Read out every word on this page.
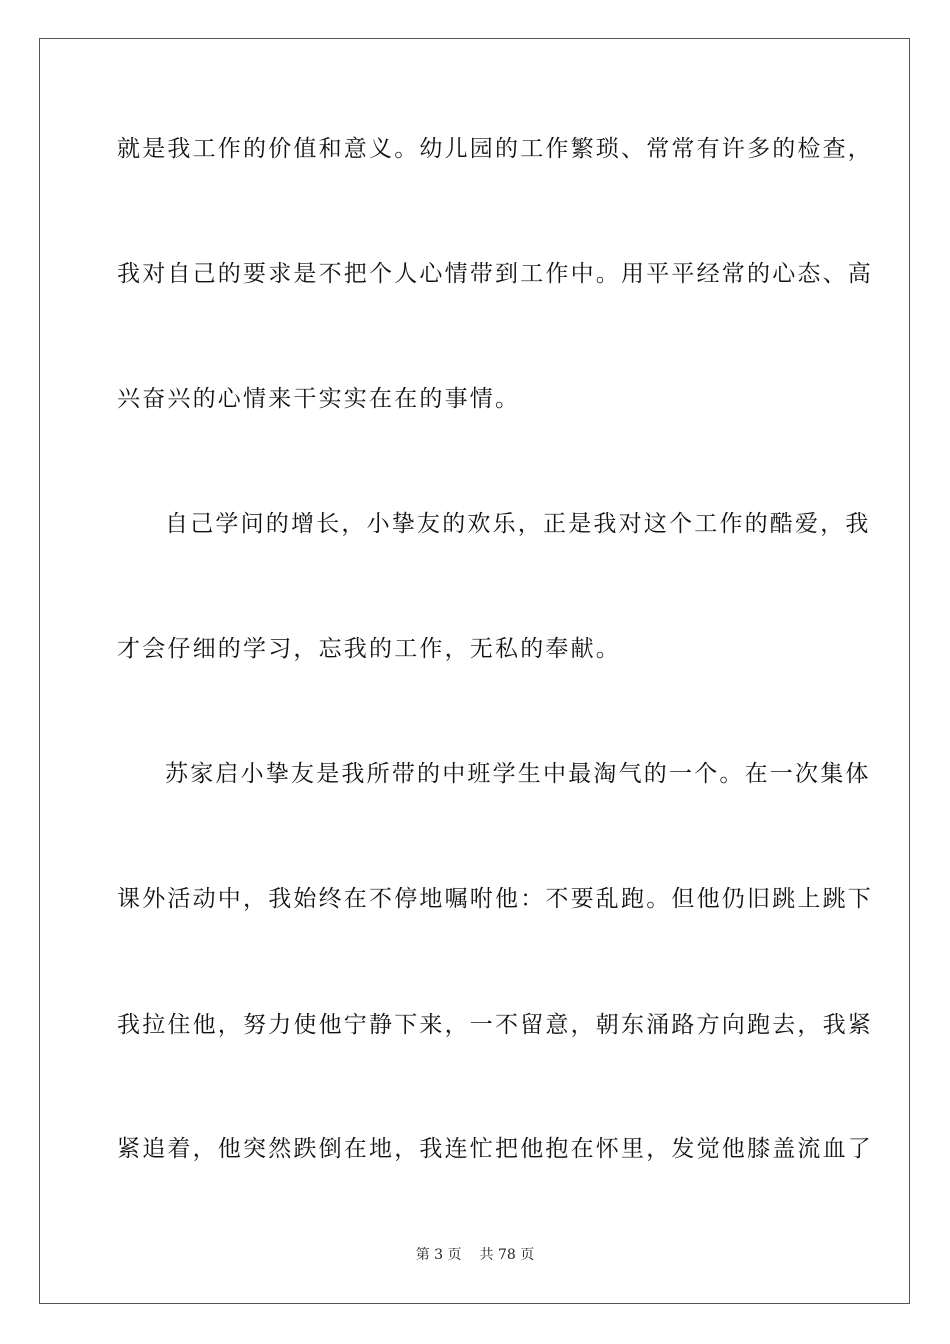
就是我工作的价值和意义。幼儿园的工作繁琐、常常有许多的检查，
我对自己的要求是不把个人心情带到工作中。用平平经常的心态、高
兴奋兴的心情来干实实在在的事情。
自己学问的增长，小挚友的欢乐，正是我对这个工作的酷爱，我
才会仔细的学习，忘我的工作，无私的奉献。
苏家启小挚友是我所带的中班学生中最淘气的一个。在一次集体
课外活动中，我始终在不停地嘱咐他：不要乱跑。但他仍旧跳上跳下
我拉住他，努力使他宁静下来，一不留意，朝东涌路方向跑去，我紧
紧追着，他突然跌倒在地，我连忙把他抱在怀里，发觉他膝盖流血了
第 3 页 共 78 页
